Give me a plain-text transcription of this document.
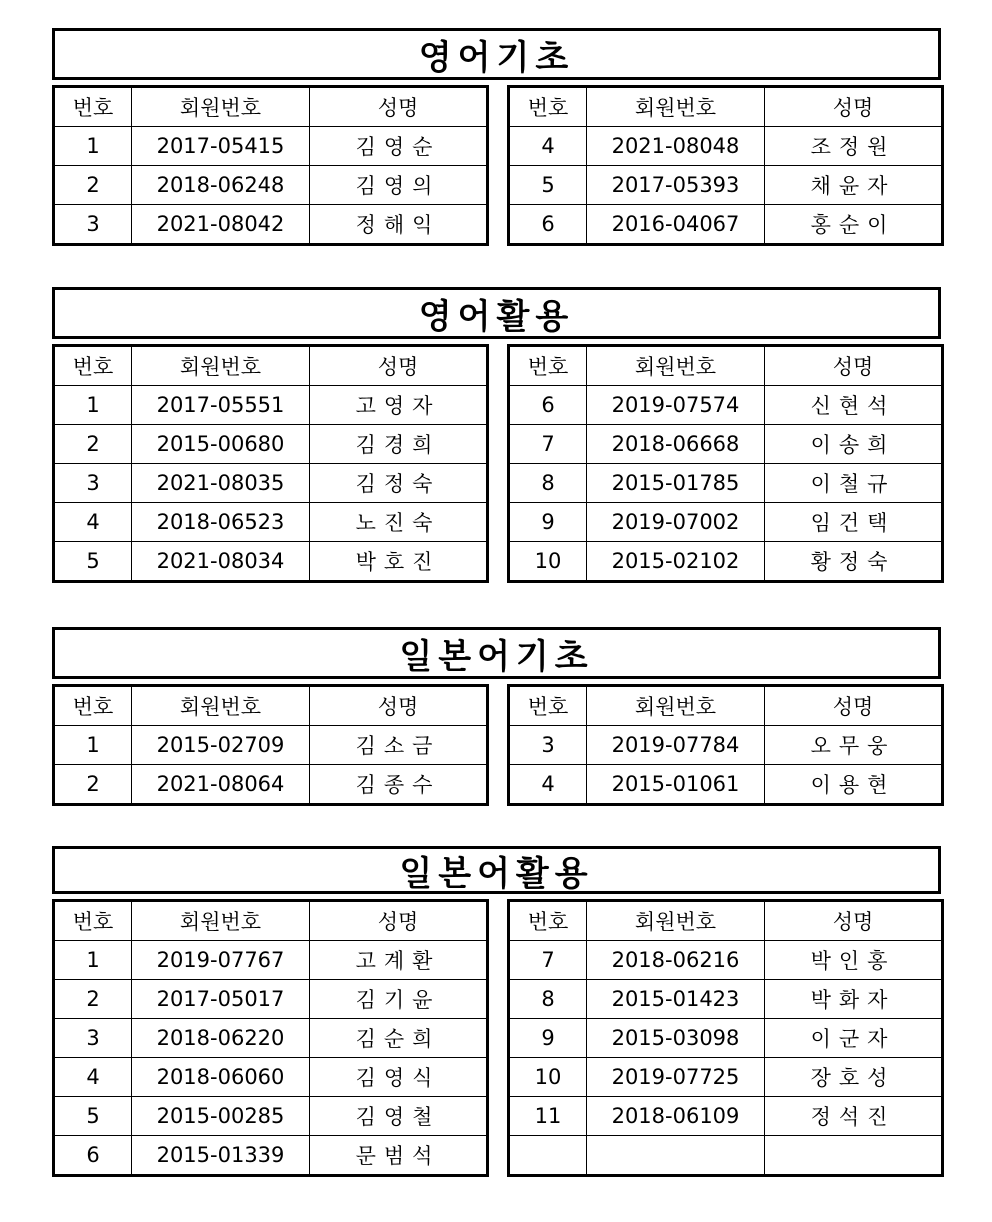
영어기초
번호	회원번호	성명
1	2017-05415	김영순
2	2018-06248	김영의
3	2021-08042	정해익
번호	회원번호	성명
4	2021-08048	조정원
5	2017-05393	채윤자
6	2016-04067	홍순이
영어활용
번호	회원번호	성명
1	2017-05551	고영자
2	2015-00680	김경희
3	2021-08035	김정숙
4	2018-06523	노진숙
5	2021-08034	박호진
번호	회원번호	성명
6	2019-07574	신현석
7	2018-06668	이송희
8	2015-01785	이철규
9	2019-07002	임건택
10	2015-02102	황정숙
일본어기초
번호	회원번호	성명
1	2015-02709	김소금
2	2021-08064	김종수
번호	회원번호	성명
3	2019-07784	오무웅
4	2015-01061	이용현
일본어활용
번호	회원번호	성명
1	2019-07767	고계환
2	2017-05017	김기윤
3	2018-06220	김순희
4	2018-06060	김영식
5	2015-00285	김영철
6	2015-01339	문범석
번호	회원번호	성명
7	2018-06216	박인홍
8	2015-01423	박화자
9	2015-03098	이군자
10	2019-07725	장호성
11	2018-06109	정석진
